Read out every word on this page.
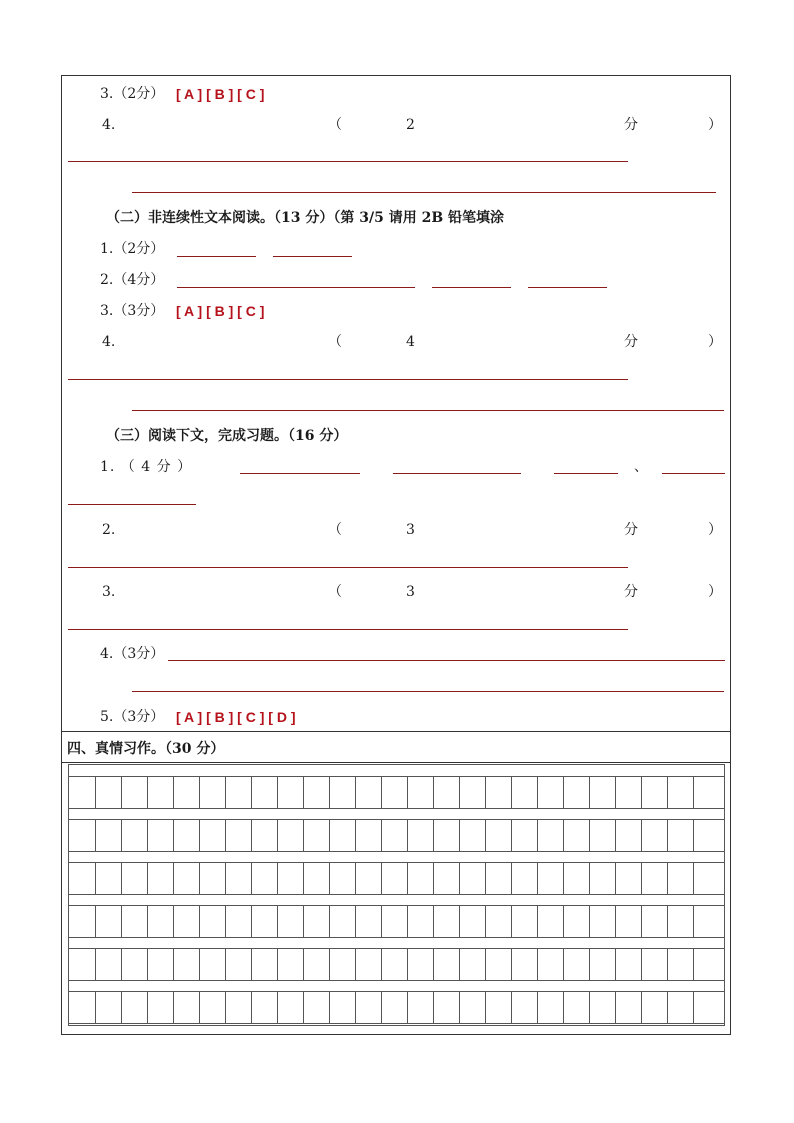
3.（2分） [ A ] [ B ] [ C ]
4.	（	2	分	）
（二）非连续性文本阅读。（13 分）（第 3/5 请用 2B 铅笔填涂
1.（2分）
2.（4分）
3.（3分） [ A ] [ B ] [ C ]
4.	（	4	分	）
（三）阅读下文，完成习题。（16 分）
1. （ 4 分 ）	、
2.	（	3	分	）
3.	（	3	分	）
4.（3分）
5.（3分） [ A ] [ B ] [ C ] [ D ]
四、真情习作。（30 分）
